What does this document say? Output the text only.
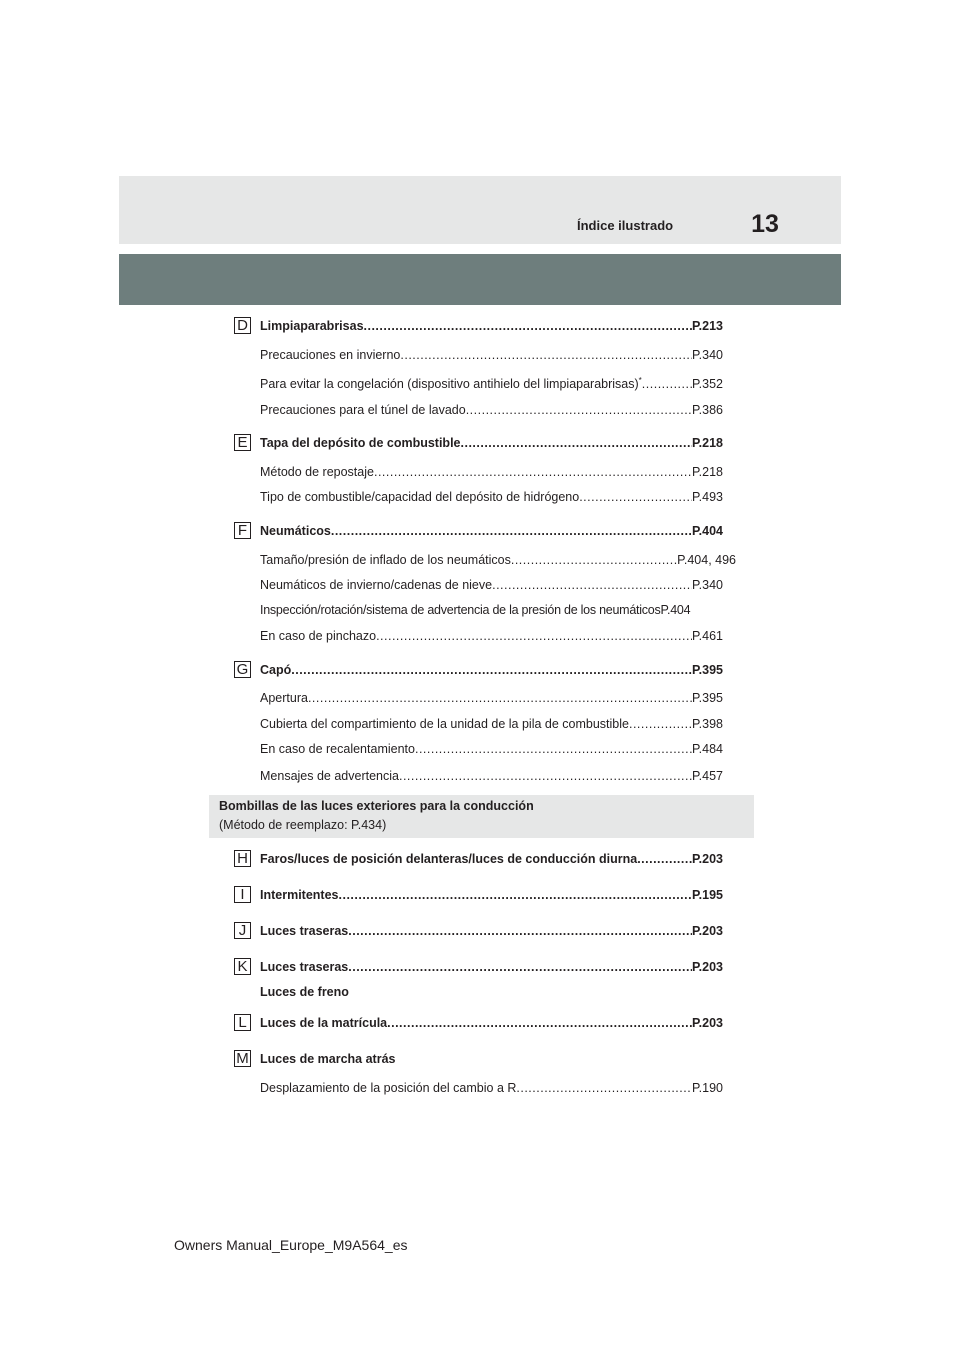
Índice ilustrado	13
D Limpiaparabrisas .....	P.213
Precauciones en invierno .....	P.340
Para evitar la congelación (dispositivo antihielo del limpiaparabrisas)* .....	P.352
Precauciones para el túnel de lavado .....	P.386
E Tapa del depósito de combustible .....	P.218
Método de repostaje .....	P.218
Tipo de combustible/capacidad del depósito de hidrógeno .....	P.493
F	Neumáticos .....	P.404
Tamaño/presión de inflado de los neumáticos .....	P.404, 496
Neumáticos de invierno/cadenas de nieve .....	P.340
Inspección/rotación/sistema de advertencia de la presión de los neumáticos P.404
En caso de pinchazo .....	P.461
G Capó .....	P.395
Apertura .....	P.395
Cubierta del compartimiento de la unidad de la pila de combustible .....	P.398
En caso de recalentamiento .....	P.484
Mensajes de advertencia .....	P.457
Bombillas de las luces exteriores para la conducción
(Método de reemplazo: P.434)
H Faros/luces de posición delanteras/luces de conducción diurna .....	P.203
I	Intermitentes .....	P.195
J	Luces traseras .....	P.203
K Luces traseras .....	P.203
Luces de freno
L	Luces de la matrícula .....	P.203
M Luces de marcha atrás
Desplazamiento de la posición del cambio a R .....	P.190
Owners Manual_Europe_M9A564_es
